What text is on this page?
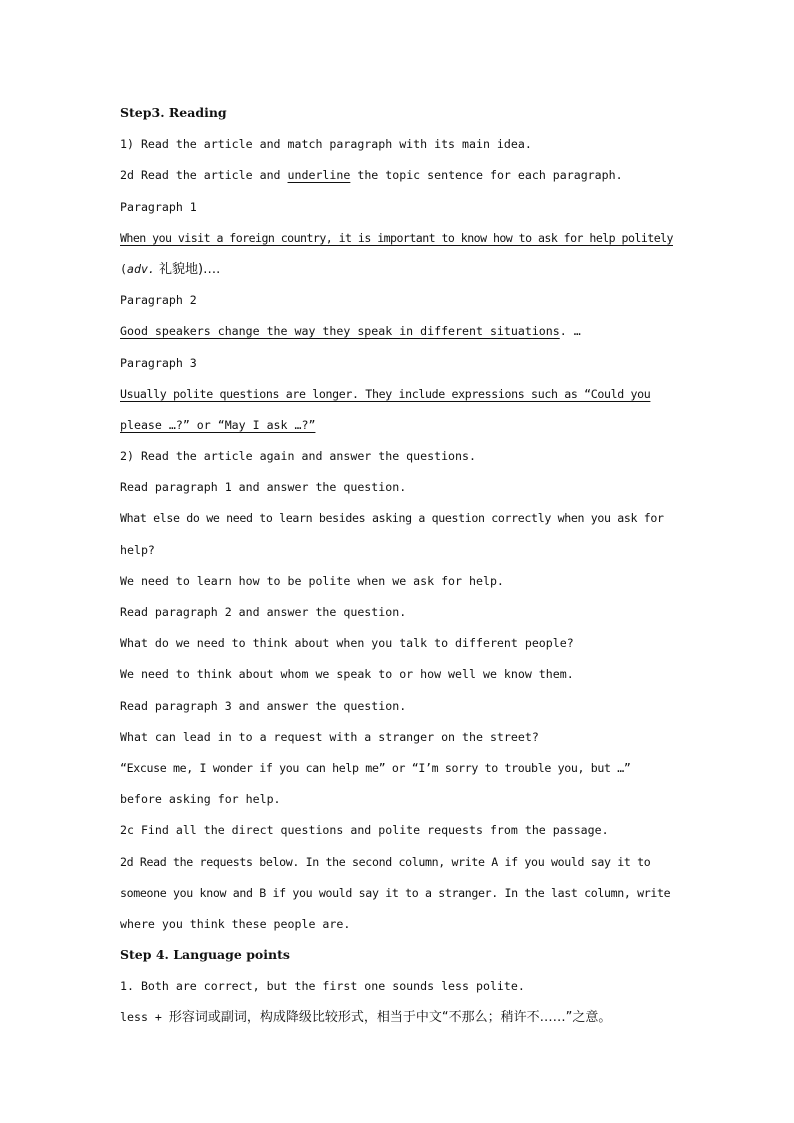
Step3. Reading
1) Read the article and match paragraph with its main idea.
2d Read the article and underline the topic sentence for each paragraph.
Paragraph 1
When you visit a foreign country, it is important to know how to ask for help politely
(adv. 礼貌地)….
Paragraph 2
Good speakers change the way they speak in different situations. …
Paragraph 3
Usually polite questions are longer. They include expressions such as “Could you
please …?” or “May I ask …?”
2) Read the article again and answer the questions.
Read paragraph 1 and answer the question.
What else do we need to learn besides asking a question correctly when you ask for
help?
We need to learn how to be polite when we ask for help.
Read paragraph 2 and answer the question.
What do we need to think about when you talk to different people?
We need to think about whom we speak to or how well we know them.
Read paragraph 3 and answer the question.
What can lead in to a request with a stranger on the street?
“Excuse me, I wonder if you can help me” or “I’m sorry to trouble you, but …”
before asking for help.
2c Find all the direct questions and polite requests from the passage.
2d Read the requests below. In the second column, write A if you would say it to
someone you know and B if you would say it to a stranger. In the last column, write
where you think these people are.
Step 4. Language points
1. Both are correct, but the first one sounds less polite.
less + 形容词或副词，构成降级比较形式，相当于中文“不那么；稍许不……”之意。
